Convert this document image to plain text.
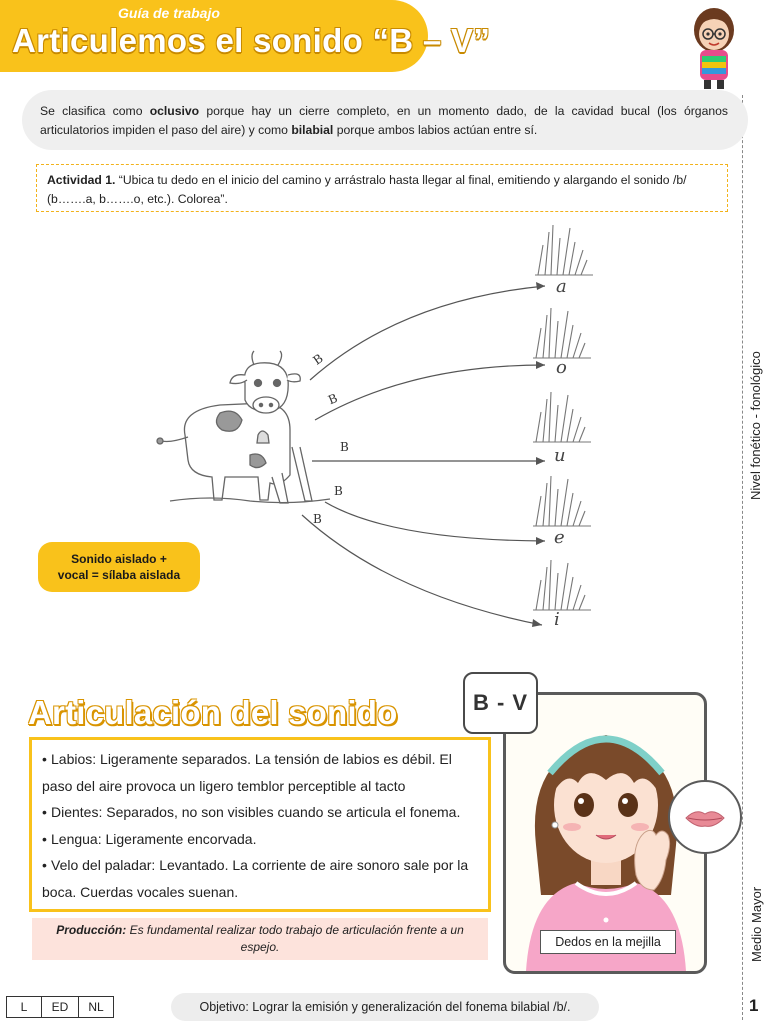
Guía de trabajo
Articulemos el sonido “B – V”
Nivel fonético - fonológico
Medio Mayor
Se clasifica como oclusivo porque hay un cierre completo, en un momento dado, de la cavidad bucal (los órganos articulatorios impiden el paso del aire) y como bilabial porque ambos labios actúan entre sí.
Actividad 1. “Ubica tu dedo en el inicio del camino y arrástralo hasta llegar al final, emitiendo y alargando el sonido /b/ (b…….a, b…….o, etc.). Colorea”.
B
B
B
B
B
a
o
u
e
i
Sonido aislado +
vocal = sílaba aislada
Articulación del sonido
• Labios: Ligeramente separados. La tensión de labios es débil. El
paso del aire provoca un ligero temblor perceptible al tacto
• Dientes: Separados, no son visibles cuando se articula el fonema.
• Lengua: Ligeramente encorvada.
• Velo del paladar: Levantado. La corriente de aire sonoro sale por la
boca. Cuerdas vocales suenan.
Producción: Es fundamental realizar todo trabajo de articulación frente a un espejo.
B - V
Dedos en la mejilla
L	ED	NL	Objetivo: Lograr la emisión y generalización del fonema bilabial /b/.	1
